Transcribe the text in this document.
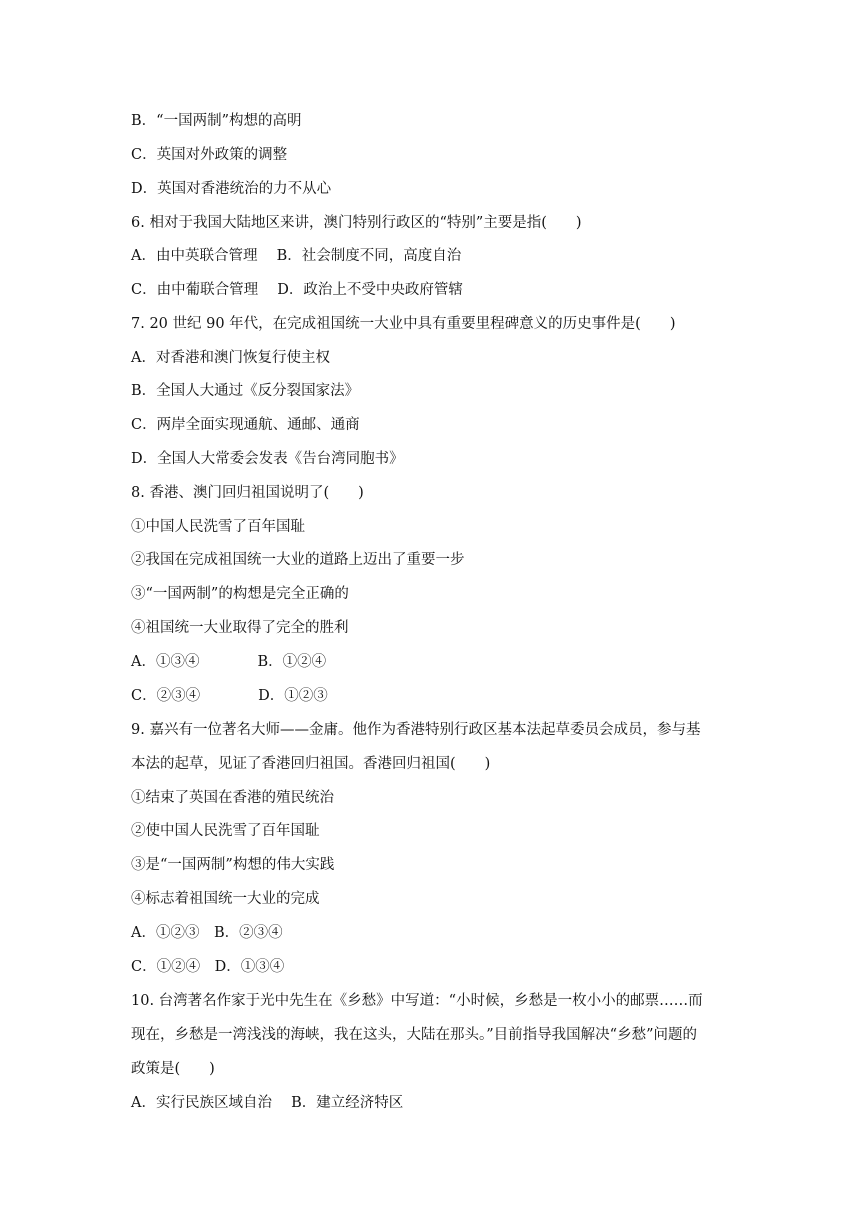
B．“一国两制”构想的高明
C．英国对外政策的调整
D．英国对香港统治的力不从心
6. 相对于我国大陆地区来讲，澳门特别行政区的“特别”主要是指(　　)
A．由中英联合管理　 B．社会制度不同，高度自治
C．由中葡联合管理　 D．政治上不受中央政府管辖
7. 20 世纪 90 年代，在完成祖国统一大业中具有重要里程碑意义的历史事件是(　　)
A．对香港和澳门恢复行使主权
B．全国人大通过《反分裂国家法》
C．两岸全面实现通航、通邮、通商
D．全国人大常委会发表《告台湾同胞书》
8. 香港、澳门回归祖国说明了(　　)
①中国人民洗雪了百年国耻
②我国在完成祖国统一大业的道路上迈出了重要一步
③“一国两制”的构想是完全正确的
④祖国统一大业取得了完全的胜利
A．①③④　　　　B．①②④
C．②③④　　　　D．①②③
9. 嘉兴有一位著名大师——金庸。他作为香港特别行政区基本法起草委员会成员，参与基
本法的起草，见证了香港回归祖国。香港回归祖国(　　)
①结束了英国在香港的殖民统治
②使中国人民洗雪了百年国耻
③是“一国两制”构想的伟大实践
④标志着祖国统一大业的完成
A．①②③　B．②③④
C．①②④　D．①③④
10. 台湾著名作家于光中先生在《乡愁》中写道：“小时候，乡愁是一枚小小的邮票……而
现在，乡愁是一湾浅浅的海峡，我在这头，大陆在那头。”目前指导我国解决“乡愁”问题的
政策是(　　)
A．实行民族区域自治　 B．建立经济特区
